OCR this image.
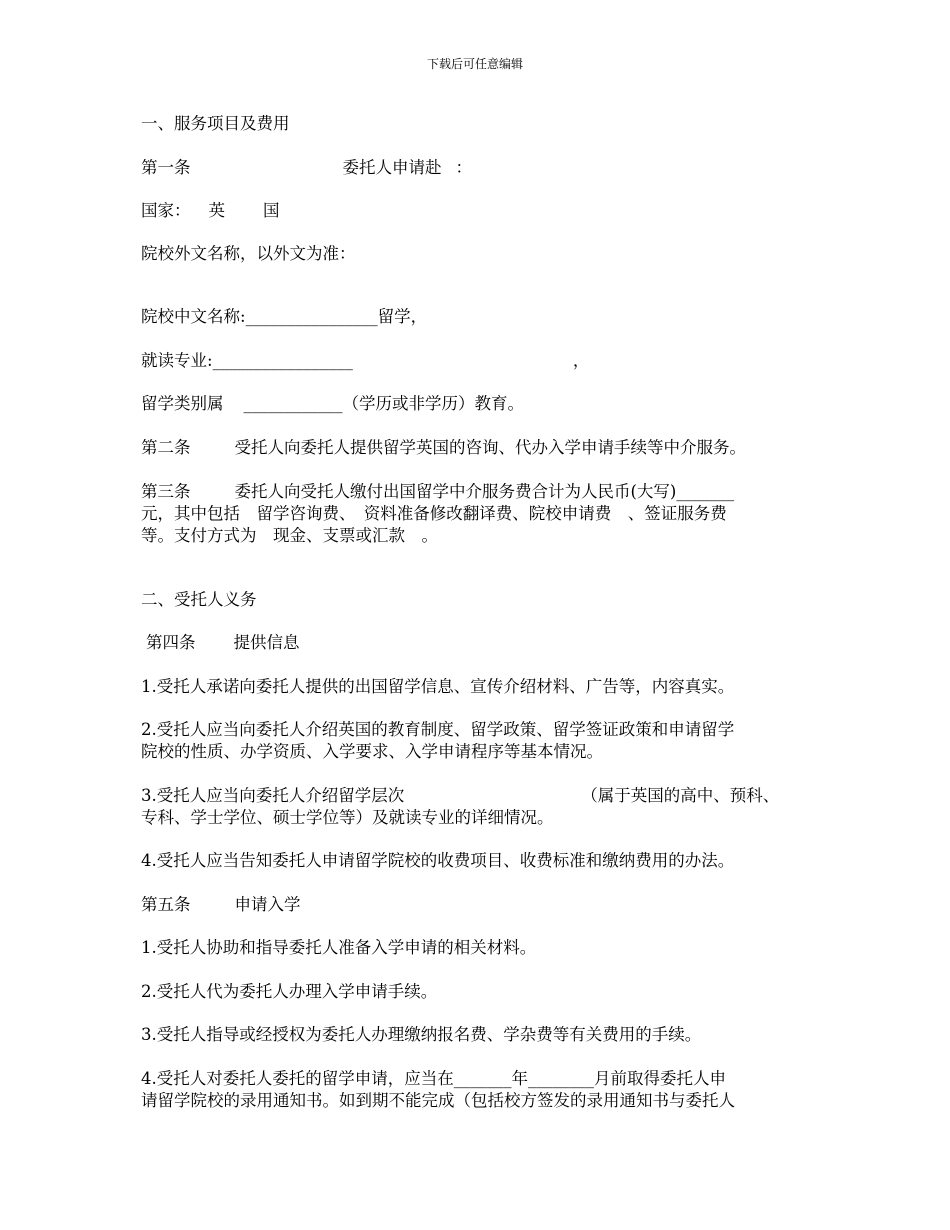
下载后可任意编辑
一、服务项目及费用
第一条	委托人申请赴 ：
国家： 英 国
院校外文名称，以外文为准：
院校中文名称:________________留学，
就读专业:_________________	，
留学类别属 ____________（学历或非学历）教育。
第二条	受托人向委托人提供留学英国的咨询、代办入学申请手续等中介服务。
第三条	委托人向受托人缴付出国留学中介服务费合计为人民币(大写)_______
元，其中包括　留学咨询费、　资料准备修改翻译费、院校申请费　、签证服务费
等。支付方式为　现金、支票或汇款　。
二、受托人义务
第四条 提供信息
1.受托人承诺向委托人提供的出国留学信息、宣传介绍材料、广告等，内容真实。
2.受托人应当向委托人介绍英国的教育制度、留学政策、留学签证政策和申请留学
院校的性质、办学资质、入学要求、入学申请程序等基本情况。
3.受托人应当向委托人介绍留学层次	（属于英国的高中、预科、
专科、学士学位、硕士学位等）及就读专业的详细情况。
4.受托人应当告知委托人申请留学院校的收费项目、收费标准和缴纳费用的办法。
第五条	申请入学
1.受托人协助和指导委托人准备入学申请的相关材料。
2.受托人代为委托人办理入学申请手续。
3.受托人指导或经授权为委托人办理缴纳报名费、学杂费等有关费用的手续。
4.受托人对委托人委托的留学申请，应当在_______年________月前取得委托人申
请留学院校的录用通知书。如到期不能完成（包括校方签发的录用通知书与委托人
